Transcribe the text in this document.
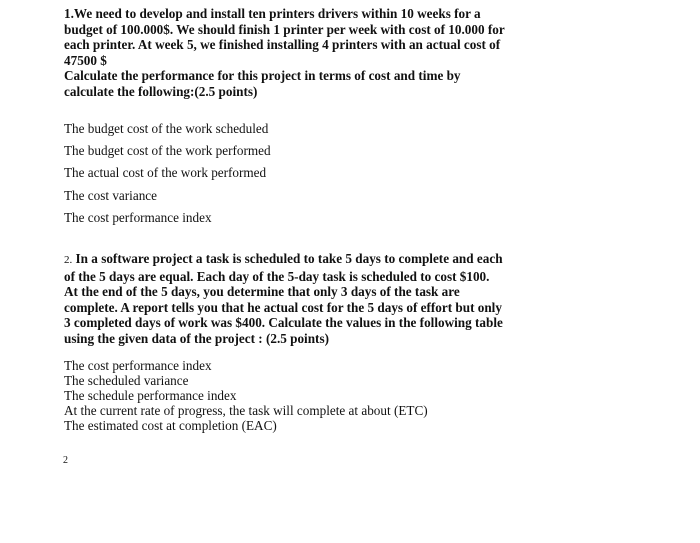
1.We need to develop and install ten printers drivers within 10 weeks for a budget of 100.000$. We should finish 1 printer per week with cost of 10.000 for each printer. At week 5, we finished installing 4 printers with an actual cost of 47500 $

Calculate the performance for this project in terms of cost and time by calculate the following:(2.5 points)

The budget cost of the work scheduled
The budget cost of the work performed
The actual cost of the work performed
The cost variance
The cost performance index

2. In a software project a task is scheduled to take 5 days to complete and each of the 5 days are equal. Each day of the 5-day task is scheduled to cost $100. At the end of the 5 days, you determine that only 3 days of the task are complete. A report tells you that he actual cost for the 5 days of effort but only 3 completed days of work was $400. Calculate the values in the following table using the given data of the project : (2.5 points)

The cost performance index
The scheduled variance
The schedule performance index
At the current rate of progress, the task will complete at about (ETC)
The estimated cost at completion (EAC)
2
